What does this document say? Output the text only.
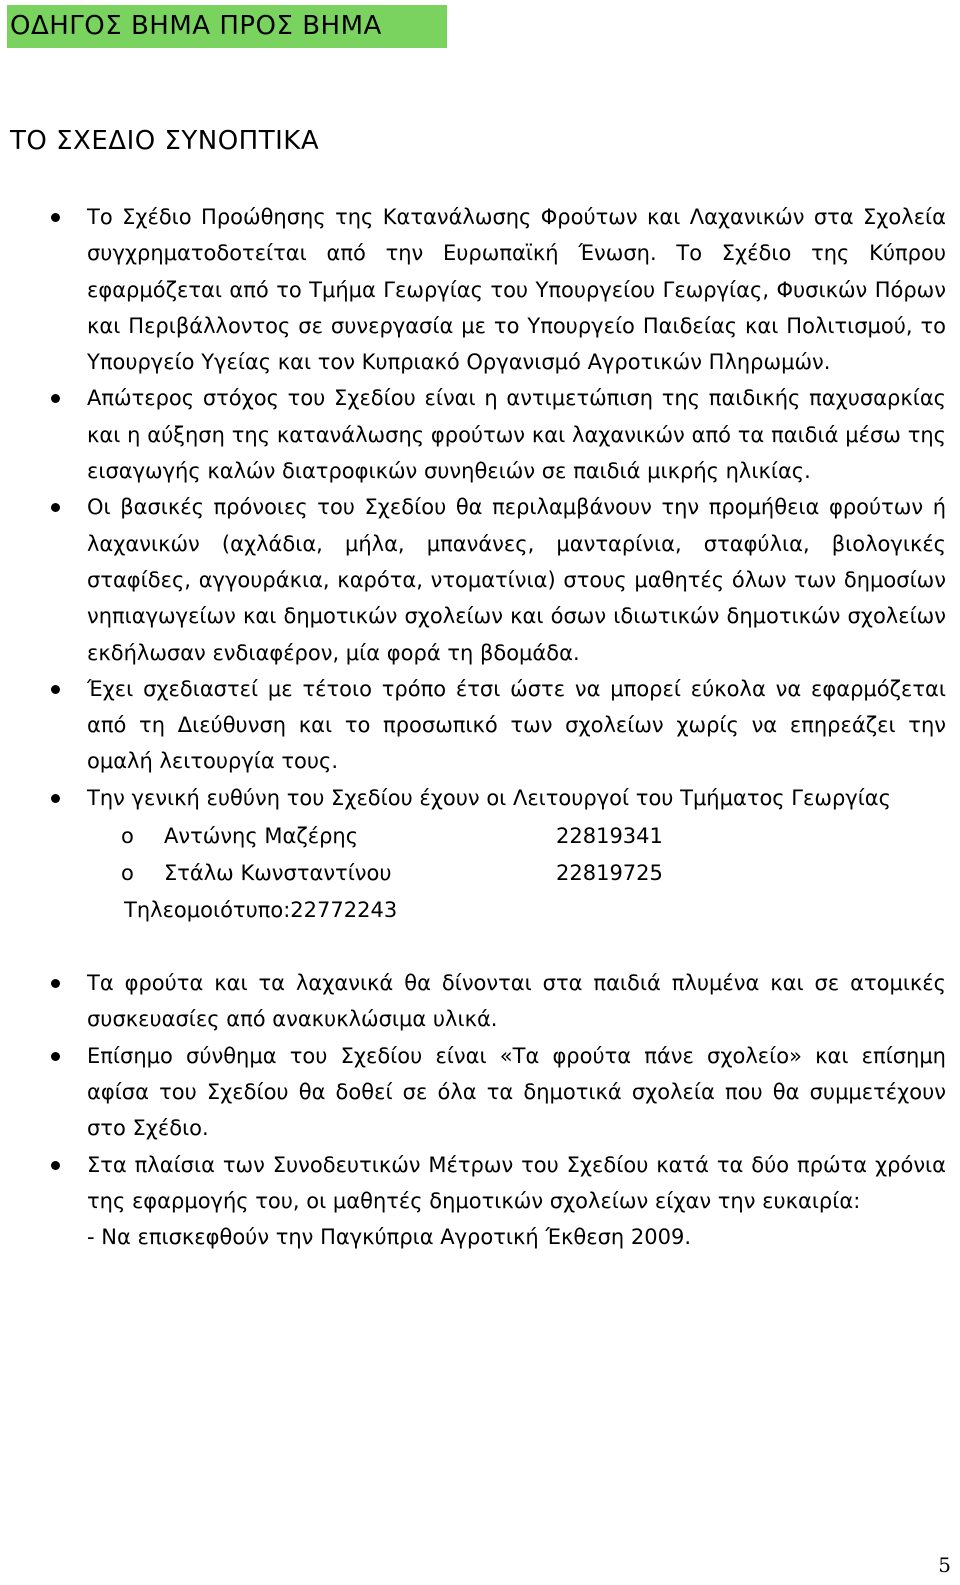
ΟΔΗΓΟΣ ΒΗΜΑ ΠΡΟΣ ΒΗΜΑ
ΤΟ ΣΧΕΔΙΟ ΣΥΝΟΠΤΙΚΑ
Το Σχέδιο Προώθησης της Κατανάλωσης Φρούτων και Λαχανικών στα Σχολεία συγχρηματοδοτείται από την Ευρωπαϊκή Ένωση. Το Σχέδιο της Κύπρου εφαρμόζεται από το Τμήμα Γεωργίας του Υπουργείου Γεωργίας, Φυσικών Πόρων και Περιβάλλοντος σε συνεργασία με το Υπουργείο Παιδείας και Πολιτισμού, το Υπουργείο Υγείας και τον Κυπριακό Οργανισμό Αγροτικών Πληρωμών.
Απώτερος στόχος του Σχεδίου είναι η αντιμετώπιση της παιδικής παχυσαρκίας και η αύξηση της κατανάλωσης φρούτων και λαχανικών από τα παιδιά μέσω της εισαγωγής καλών διατροφικών συνηθειών σε παιδιά μικρής ηλικίας.
Οι βασικές πρόνοιες του Σχεδίου θα περιλαμβάνουν την προμήθεια φρούτων ή λαχανικών (αχλάδια, μήλα, μπανάνες, μανταρίνια, σταφύλια, βιολογικές σταφίδες, αγγουράκια, καρότα, ντοματίνια) στους μαθητές όλων των δημοσίων νηπιαγωγείων και δημοτικών σχολείων και όσων ιδιωτικών δημοτικών σχολείων εκδήλωσαν ενδιαφέρον, μία φορά τη βδομάδα.
Έχει σχεδιαστεί με τέτοιο τρόπο έτσι ώστε να μπορεί εύκολα να εφαρμόζεται από τη Διεύθυνση και το προσωπικό των σχολείων χωρίς να επηρεάζει την ομαλή λειτουργία τους.
Την γενική ευθύνη του Σχεδίου έχουν οι Λειτουργοί του Τμήματος Γεωργίας
o Αντώνης Μαζέρης	22819341
o Στάλω Κωνσταντίνου	22819725
Τηλεομοιότυπο:22772243
Τα φρούτα και τα λαχανικά θα δίνονται στα παιδιά πλυμένα και σε ατομικές συσκευασίες από ανακυκλώσιμα υλικά.
Επίσημο σύνθημα του Σχεδίου είναι «Τα φρούτα πάνε σχολείο» και επίσημη αφίσα του Σχεδίου θα δοθεί σε όλα τα δημοτικά σχολεία που θα συμμετέχουν στο Σχέδιο.
Στα πλαίσια των Συνοδευτικών Μέτρων του Σχεδίου κατά τα δύο πρώτα χρόνια της εφαρμογής του, οι μαθητές δημοτικών σχολείων είχαν την ευκαιρία:
- Να επισκεφθούν την Παγκύπρια Αγροτική Έκθεση 2009.
5
